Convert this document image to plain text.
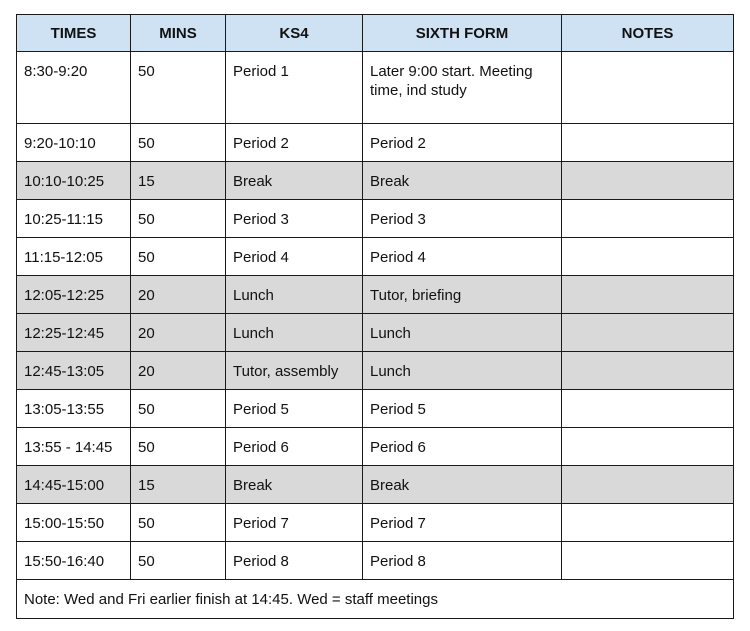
TIMES	MINS	KS4	SIXTH FORM	NOTES
8:30-9:20	50	Period 1	Later 9:00 start. Meeting time, ind study	
9:20-10:10	50	Period 2	Period 2	
10:10-10:25	15	Break	Break	
10:25-11:15	50	Period 3	Period 3	
11:15-12:05	50	Period 4	Period 4	
12:05-12:25	20	Lunch	Tutor, briefing	
12:25-12:45	20	Lunch	Lunch	
12:45-13:05	20	Tutor, assembly	Lunch	
13:05-13:55	50	Period 5	Period 5	
13:55 - 14:45	50	Period 6	Period 6	
14:45-15:00	15	Break	Break	
15:00-15:50	50	Period 7	Period 7	
15:50-16:40	50	Period 8	Period 8	
Note: Wed and Fri earlier finish at 14:45. Wed = staff meetings				
